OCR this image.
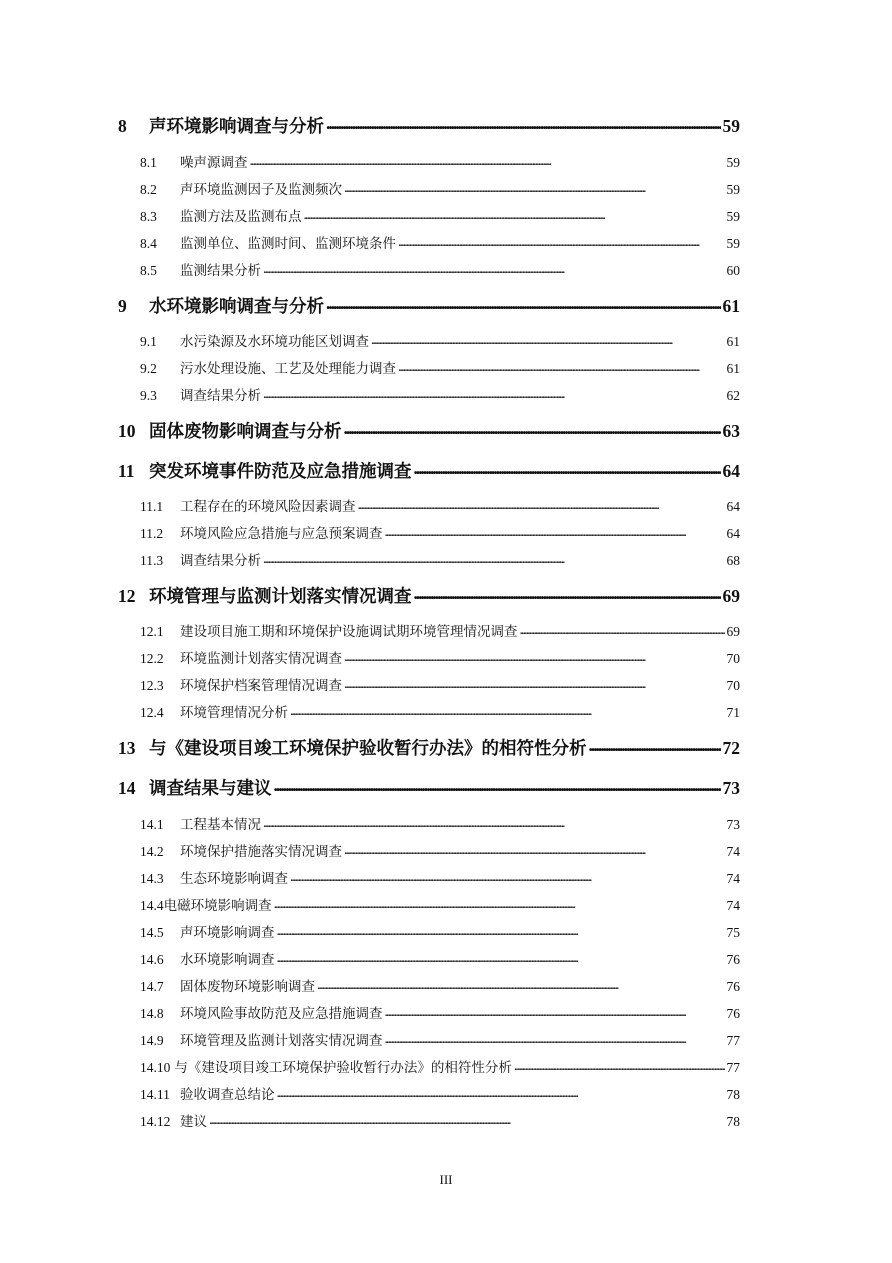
8	声环境影响调查与分析 . . .	59
8.1	噪声源调查 . . .	59
8.2	声环境监测因子及监测频次 . . .	59
8.3	监测方法及监测布点 . . .	59
8.4	监测单位、监测时间、监测环境条件 . . .	59
8.5	监测结果分析 . . .	60
9	水环境影响调查与分析 . . .	61
9.1	水污染源及水环境功能区划调查 . . .	61
9.2	污水处理设施、工艺及处理能力调查 . . .	61
9.3	调查结果分析 . . .	62
10 固体废物影响调查与分析 . . .	63
11 突发环境事件防范及应急措施调查 . . .	64
11.1	工程存在的环境风险因素调查 . . .	64
11.2	环境风险应急措施与应急预案调查 . . .	64
11.3	调查结果分析 . . .	68
12 环境管理与监测计划落实情况调查 . . .	69
12.1	建设项目施工期和环境保护设施调试期环境管理情况调查 . . .	69
12.2	环境监测计划落实情况调查 . . .	70
12.3	环境保护档案管理情况调查 . . .	70
12.4	环境管理情况分析 . . .	71
13 与《建设项目竣工环境保护验收暂行办法》的相符性分析 . . .	72
14 调查结果与建议 . . .	73
14.1	工程基本情况 . . .	73
14.2	环境保护措施落实情况调查 . . .	74
14.3	生态环境影响调查 . . .	74
14.4 电磁环境影响调查 . . .	74
14.5	声环境影响调查 . . .	75
14.6	水环境影响调查 . . .	76
14.7	固体废物环境影响调查 . . .	76
14.8	环境风险事故防范及应急措施调查 . . .	76
14.9	环境管理及监测计划落实情况调查 . . .	77
14.10 与《建设项目竣工环境保护验收暂行办法》的相符性分析 . . .	77
14.11 验收调查总结论 . . .	78
14.12 建议 . . .	78
III
